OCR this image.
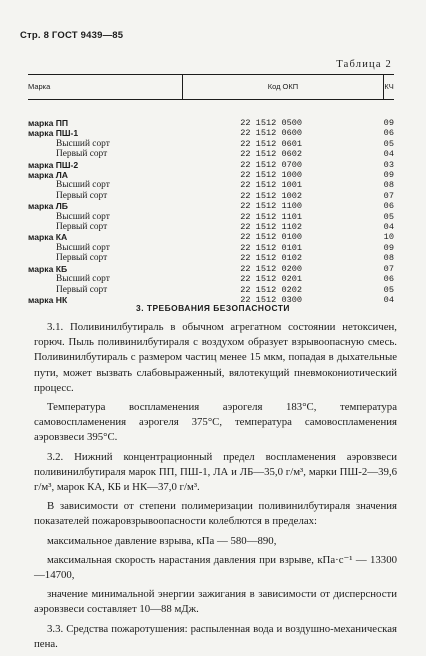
Стр. 8 ГОСТ 9439—85
Таблица 2
Марка	Код ОКП	КЧ
марка ПП	22 1512 0500	09
марка ПШ-1	22 1512 0600	06
Высший сорт	22 1512 0601	05
Первый сорт	22 1512 0602	04
марка ПШ-2	22 1512 0700	03
марка ЛА	22 1512 1000	09
Высший сорт	22 1512 1001	08
Первый сорт	22 1512 1002	07
марка ЛБ	22 1512 1100	06
Высший сорт	22 1512 1101	05
Первый сорт	22 1512 1102	04
марка КА	22 1512 0100	10
Высший сорт	22 1512 0101	09
Первый сорт	22 1512 0102	08
марка КБ	22 1512 0200	07
Высший сорт	22 1512 0201	06
Первый сорт	22 1512 0202	05
марка НК	22 1512 0300	04
3. ТРЕБОВАНИЯ БЕЗОПАСНОСТИ

3.1. Поливинилбутираль в обычном агрегатном состоянии нетоксичен, горюч. Пыль поливинилбутираля с воздухом образует взрывоопасную смесь. Поливинилбутираль с размером частиц менее 15 мкм, попадая в дыхательные пути, может вызвать слабовыраженный, вялотекущий пневмокониотический процесс.

Температура воспламенения аэрогеля 183°С, температура самовоспламенения аэрогеля 375°С, температура самовоспламенения аэровзвеси 395°С.

3.2. Нижний концентрационный предел воспламенения аэровзвеси поливинилбутираля марок ПП, ПШ-1, ЛА и ЛБ—35,0 г/м³, марки ПШ-2—39,6 г/м³, марок КА, КБ и НК—37,0 г/м³.

В зависимости от степени полимеризации поливинилбутираля значения показателей пожаровзрывоопасности колеблются в пределах:

максимальное давление взрыва, кПа — 580—890,

максимальная скорость нарастания давления при взрыве, кПа·с⁻¹ — 13300—14700,

значение минимальной энергии зажигания в зависимости от дисперсности аэровзвеси составляет 10—88 мДж.

3.3. Средства пожаротушения: распыленная вода и воздушно-механическая пена.
